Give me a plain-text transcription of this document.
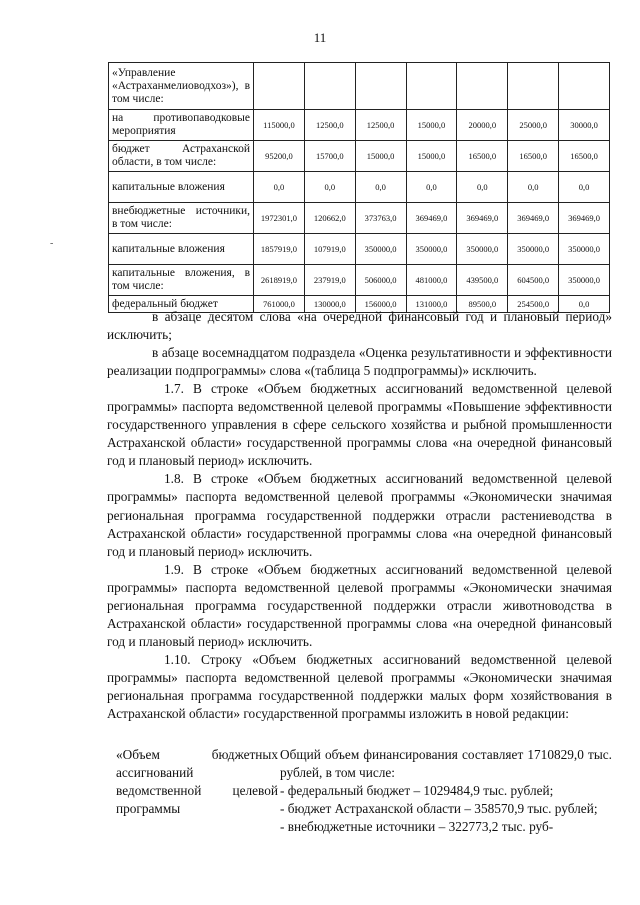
11
-
«Управление «Астраханмелиоводхоз»), в том числе:							
на противопаводковые мероприятия	115000,0	12500,0	12500,0	15000,0	20000,0	25000,0	30000,0
бюджет Астраханской области, в том числе:	95200,0	15700,0	15000,0	15000,0	16500,0	16500,0	16500,0
капитальные вложения	0,0	0,0	0,0	0,0	0,0	0,0	0,0
внебюджетные источники, в том числе:	1972301,0	120662,0	373763,0	369469,0	369469,0	369469,0	369469,0
капитальные вложения	1857919,0	107919,0	350000,0	350000,0	350000,0	350000,0	350000,0
капитальные вложения, в том числе:	2618919,0	237919,0	506000,0	481000,0	439500,0	604500,0	350000,0
федеральный бюджет	761000,0	130000,0	156000,0	131000,0	89500,0	254500,0	0,0

в абзаце десятом слова «на очередной финансовый год и плановый период» исключить;

в абзаце восемнадцатом подраздела «Оценка результативности и эффективности реализации подпрограммы» слова «(таблица 5 подпрограммы)» исключить.

1.7. В строке «Объем бюджетных ассигнований ведомственной целевой программы» паспорта ведомственной целевой программы «Повышение эффективности государственного управления в сфере сельского хозяйства и рыбной промышленности Астраханской области» государственной программы слова «на очередной финансовый год и плановый период» исключить.

1.8. В строке «Объем бюджетных ассигнований ведомственной целевой программы» паспорта ведомственной целевой программы «Экономически значимая региональная программа государственной поддержки отрасли растениеводства в Астраханской области» государственной программы слова «на очередной финансовый год и плановый период» исключить.

1.9. В строке «Объем бюджетных ассигнований ведомственной целевой программы» паспорта ведомственной целевой программы «Экономически значимая региональная программа государственной поддержки отрасли животноводства в Астраханской области» государственной программы слова «на очередной финансовый год и плановый период» исключить.

1.10. Строку «Объем бюджетных ассигнований ведомственной целевой программы» паспорта ведомственной целевой программы «Экономически значимая региональная программа государственной поддержки малых форм хозяйствования в Астраханской области» государственной программы изложить в новой редакции:

«Объем бюджетных ассигнований ведомственной целевой программы
Общий объем финансирования составляет 1710829,0 тыс. рублей, в том числе:
- федеральный бюджет – 1029484,9 тыс. рублей;
- бюджет Астраханской области – 358570,9 тыс. рублей;
- внебюджетные источники – 322773,2 тыс. руб-
